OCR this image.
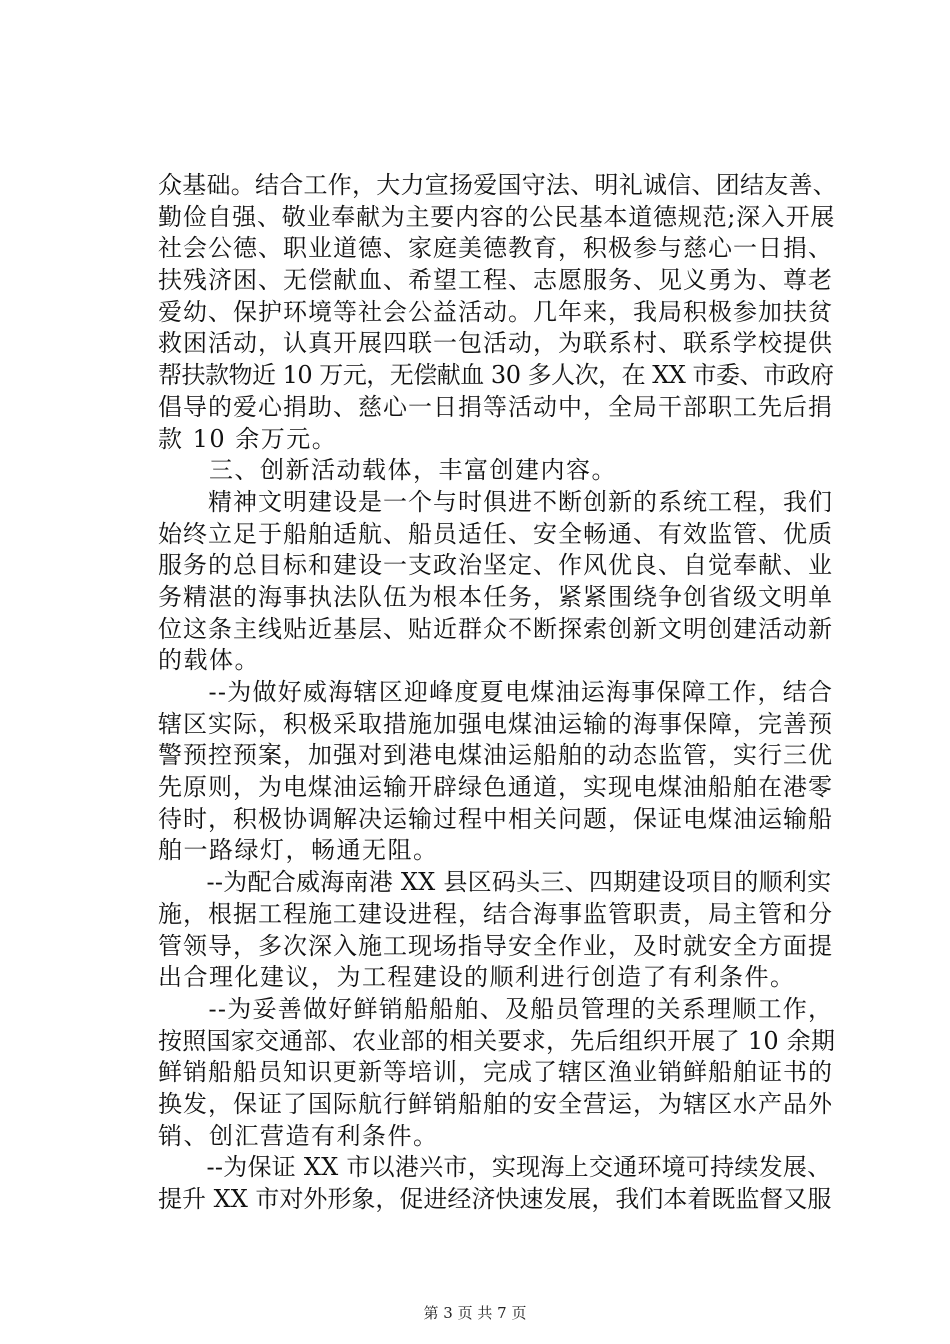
众基础。结合工作，大力宣扬爱国守法、明礼诚信、团结友善、
勤俭自强、敬业奉献为主要内容的公民基本道德规范;深入开展
社会公德、职业道德、家庭美德教育，积极参与慈心一日捐、
扶残济困、无偿献血、希望工程、志愿服务、见义勇为、尊老
爱幼、保护环境等社会公益活动。几年来，我局积极参加扶贫
救困活动，认真开展四联一包活动，为联系村、联系学校提供
帮扶款物近 10 万元，无偿献血 30 多人次，在 XX 市委、市政府
倡导的爱心捐助、慈心一日捐等活动中，全局干部职工先后捐
款 10 余万元。
　　三、创新活动载体，丰富创建内容。
　　精神文明建设是一个与时俱进不断创新的系统工程，我们
始终立足于船舶适航、船员适任、安全畅通、有效监管、优质
服务的总目标和建设一支政治坚定、作风优良、自觉奉献、业
务精湛的海事执法队伍为根本任务，紧紧围绕争创省级文明单
位这条主线贴近基层、贴近群众不断探索创新文明创建活动新
的载体。
　　--为做好威海辖区迎峰度夏电煤油运海事保障工作，结合
辖区实际，积极采取措施加强电煤油运输的海事保障，完善预
警预控预案，加强对到港电煤油运船舶的动态监管，实行三优
先原则，为电煤油运输开辟绿色通道，实现电煤油船舶在港零
待时，积极协调解决运输过程中相关问题，保证电煤油运输船
舶一路绿灯，畅通无阻。
　　--为配合威海南港 XX 县区码头三、四期建设项目的顺利实
施，根据工程施工建设进程，结合海事监管职责，局主管和分
管领导，多次深入施工现场指导安全作业，及时就安全方面提
出合理化建议，为工程建设的顺利进行创造了有利条件。
　　--为妥善做好鲜销船船舶、及船员管理的关系理顺工作，
按照国家交通部、农业部的相关要求，先后组织开展了 10 余期
鲜销船船员知识更新等培训，完成了辖区渔业销鲜船舶证书的
换发，保证了国际航行鲜销船舶的安全营运，为辖区水产品外
销、创汇营造有利条件。
　　--为保证 XX 市以港兴市，实现海上交通环境可持续发展、
提升 XX 市对外形象，促进经济快速发展，我们本着既监督又服
第 3 页 共 7 页
